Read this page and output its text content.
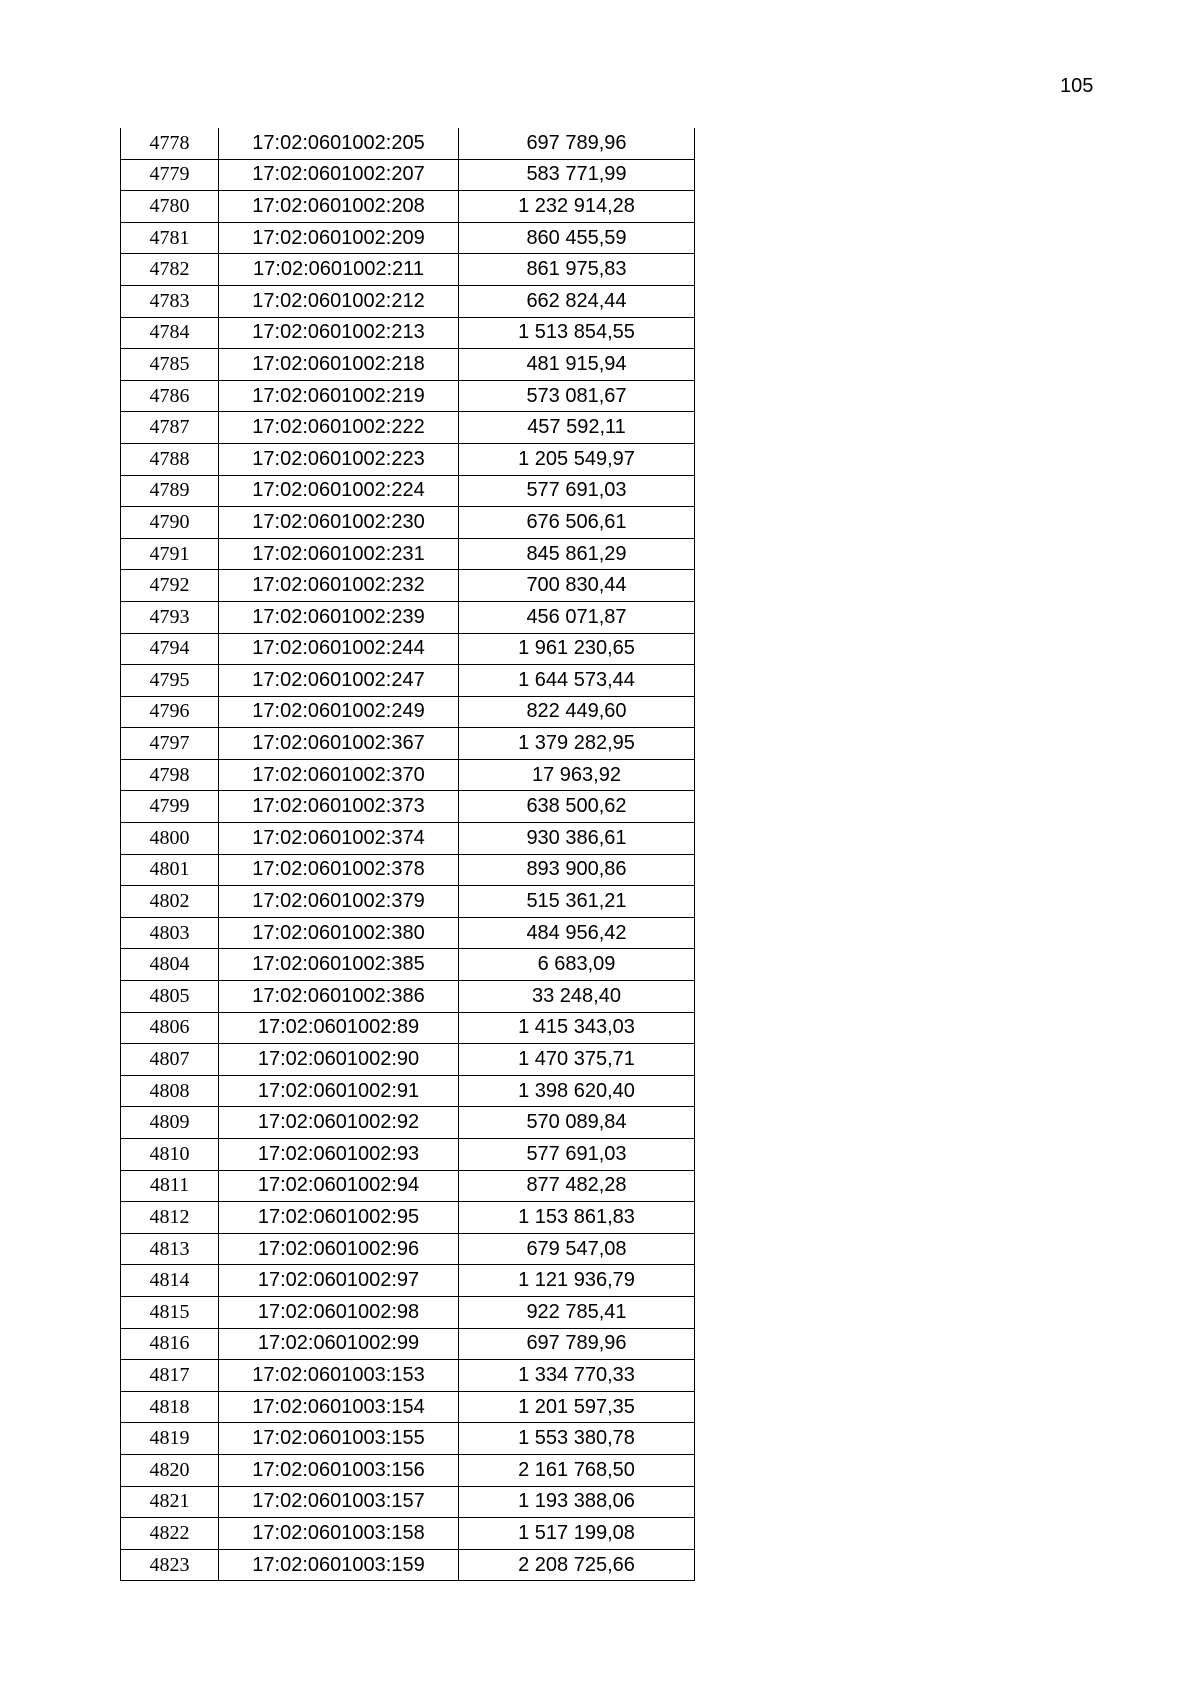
105
4778	17:02:0601002:205	697 789,96
4779	17:02:0601002:207	583 771,99
4780	17:02:0601002:208	1 232 914,28
4781	17:02:0601002:209	860 455,59
4782	17:02:0601002:211	861 975,83
4783	17:02:0601002:212	662 824,44
4784	17:02:0601002:213	1 513 854,55
4785	17:02:0601002:218	481 915,94
4786	17:02:0601002:219	573 081,67
4787	17:02:0601002:222	457 592,11
4788	17:02:0601002:223	1 205 549,97
4789	17:02:0601002:224	577 691,03
4790	17:02:0601002:230	676 506,61
4791	17:02:0601002:231	845 861,29
4792	17:02:0601002:232	700 830,44
4793	17:02:0601002:239	456 071,87
4794	17:02:0601002:244	1 961 230,65
4795	17:02:0601002:247	1 644 573,44
4796	17:02:0601002:249	822 449,60
4797	17:02:0601002:367	1 379 282,95
4798	17:02:0601002:370	17 963,92
4799	17:02:0601002:373	638 500,62
4800	17:02:0601002:374	930 386,61
4801	17:02:0601002:378	893 900,86
4802	17:02:0601002:379	515 361,21
4803	17:02:0601002:380	484 956,42
4804	17:02:0601002:385	6 683,09
4805	17:02:0601002:386	33 248,40
4806	17:02:0601002:89	1 415 343,03
4807	17:02:0601002:90	1 470 375,71
4808	17:02:0601002:91	1 398 620,40
4809	17:02:0601002:92	570 089,84
4810	17:02:0601002:93	577 691,03
4811	17:02:0601002:94	877 482,28
4812	17:02:0601002:95	1 153 861,83
4813	17:02:0601002:96	679 547,08
4814	17:02:0601002:97	1 121 936,79
4815	17:02:0601002:98	922 785,41
4816	17:02:0601002:99	697 789,96
4817	17:02:0601003:153	1 334 770,33
4818	17:02:0601003:154	1 201 597,35
4819	17:02:0601003:155	1 553 380,78
4820	17:02:0601003:156	2 161 768,50
4821	17:02:0601003:157	1 193 388,06
4822	17:02:0601003:158	1 517 199,08
4823	17:02:0601003:159	2 208 725,66
